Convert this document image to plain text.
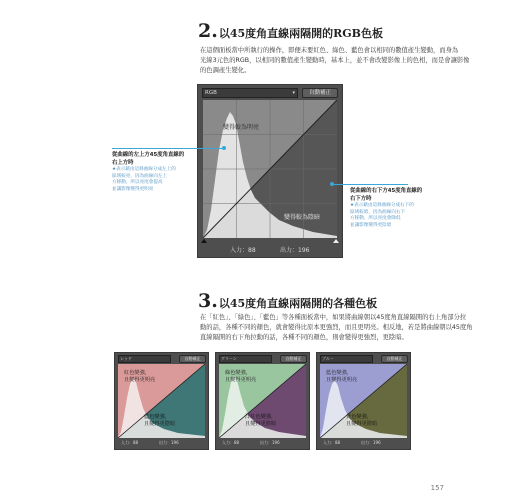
2.以45度角直線兩隔開的RGB色板
在這個面板當中所執行的操作，即便未要紅色、綠色、藍色會以相同的數值產生變動，而身為
光線3元色的RGB，以相同的數值產生變動時，基本上，並不會改變影像上的色相，而是會讓影像
的色調產生變化。
RGB	▾	自動補正
變得較為明亮
變得較為陰暗
入力：88	出力：196
從曲線的左上方45度角直線的
右上方時
★表示藉由這條曲線分成左上的
區域較亮，因為曲線向左上
方移動，所以亮度會提高
並讓影像變得更明亮	從曲線的右下方45度角直線的
右下方時
★表示藉由這條曲線分成右下的
區域較暗，因為曲線向右下
方移動，所以亮度會降低
並讓影像變得更陰暗
3.以45度角直線兩隔開的各種色板
在「紅色」、「綠色」、「藍色」等各種面板當中，如果將曲線朝以45度角直線隔開的右上角部分拉
動的話，各種不同的顏色，就會變得比原本更強烈，而且更明亮。相反地，若是將曲線朝以45度角
直線隔開的右下角拉動的話，各種不同的顏色，則會變得更強烈，更陰暗。
レッド	自動補正
紅色變強，
且變得更明亮
藍色變強，
且變得更陰暗
入力：88	出力：196
グリーン	自動補正
綠色變強，
且變得更明亮
洋紅色變強，
且變得更陰暗
入力：88	出力：196
ブルー	自動補正
藍色變強，
且變得更明亮
黃色變強，
且變得更陰暗
入力：88	出力：196
157
